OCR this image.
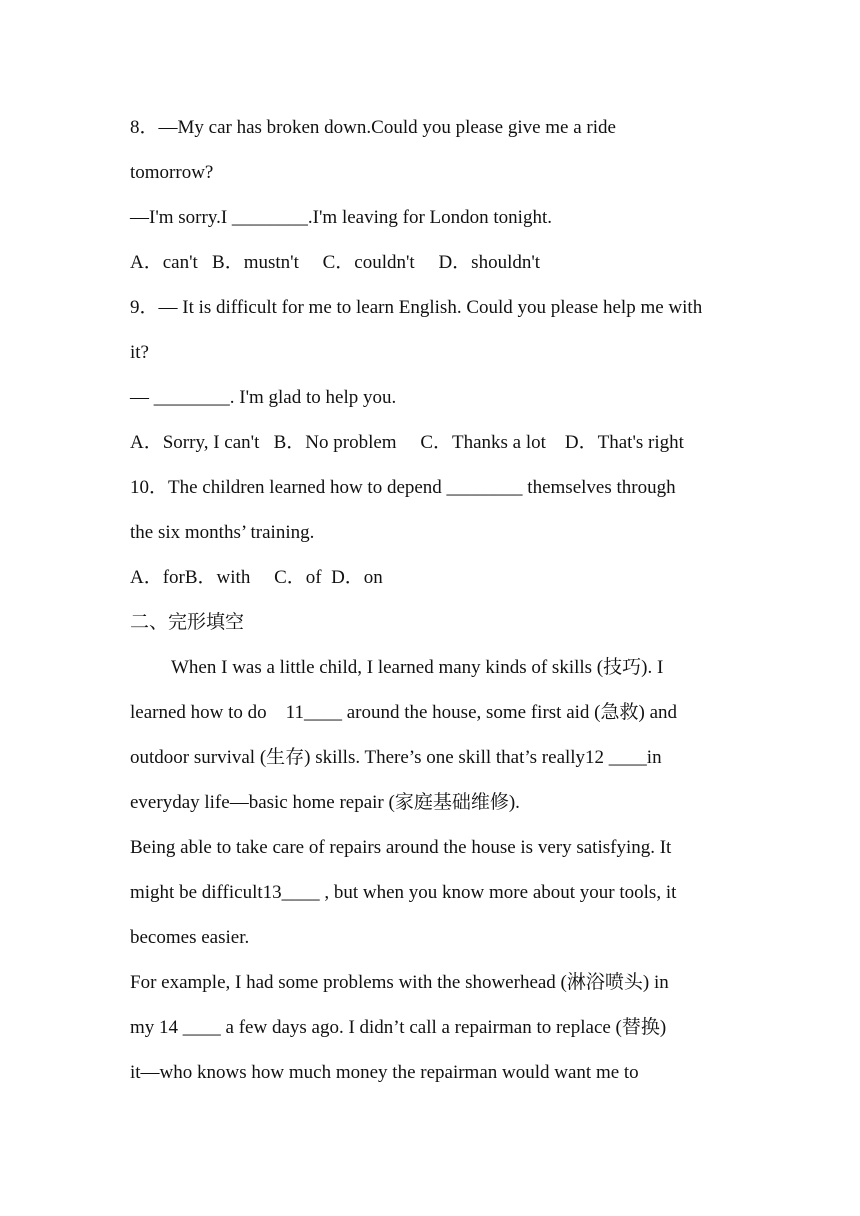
8．—My car has broken down.Could you please give me a ride
tomorrow?
—I'm sorry.I ________.I'm leaving for London tonight.
A．can't   B．mustn't     C．couldn't     D．shouldn't
9．— It is difficult for me to learn English. Could you please help me with
it?
— ________. I'm glad to help you.
A．Sorry, I can't   B．No problem     C．Thanks a lot    D．That's right
10．The children learned how to depend ________ themselves through
the six months’ training.
A．forB．with     C．of  D．on
二、完形填空
When I was a little child, I learned many kinds of skills (技巧). I
learned how to do    11____ around the house, some first aid (急救) and
outdoor survival (生存) skills. There’s one skill that’s really12 ____in
everyday life—basic home repair (家庭基础维修).
Being able to take care of repairs around the house is very satisfying. It
might be difficult13____ , but when you know more about your tools, it
becomes easier.
For example, I had some problems with the showerhead (淋浴喷头) in
my 14 ____ a few days ago. I didn’t call a repairman to replace (替换)
it—who knows how much money the repairman would want me to
